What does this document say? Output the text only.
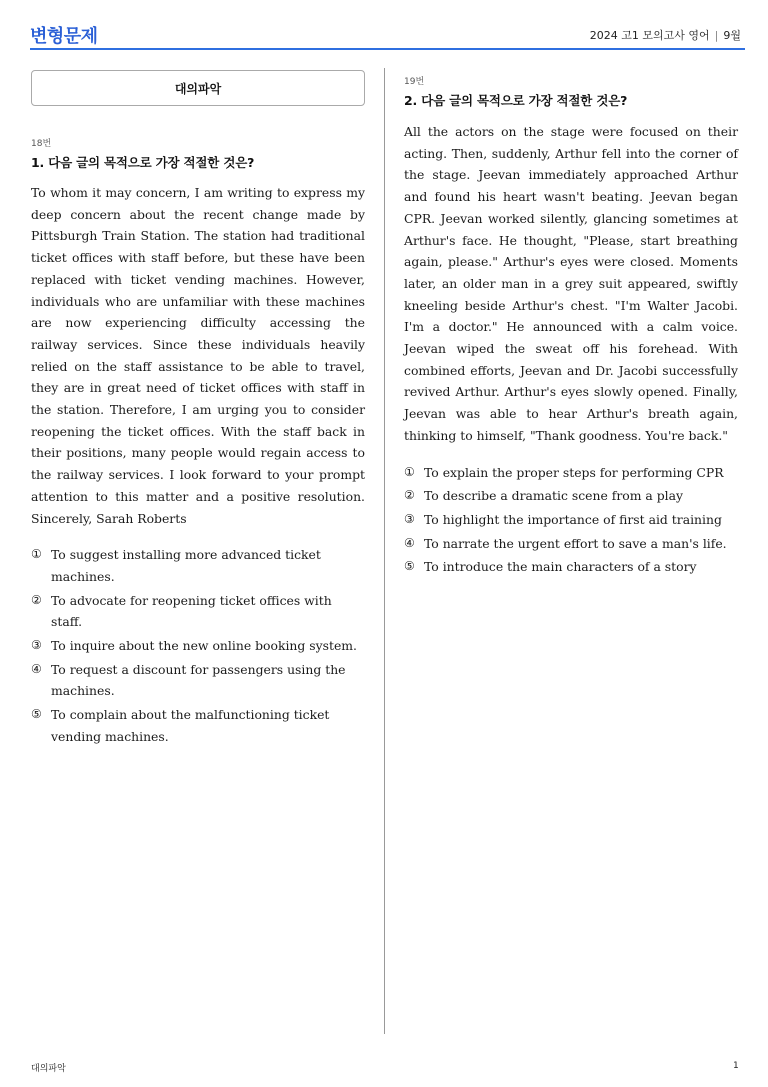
변형문제	2024 고1 모의고사 영어 | 9월
대의파악
18번
1. 다음 글의 목적으로 가장 적절한 것은?
To whom it may concern, I am writing to express my deep concern about the recent change made by Pittsburgh Train Station. The station had traditional ticket offices with staff before, but these have been replaced with ticket vending machines. However, individuals who are unfamiliar with these machines are now experiencing difficulty accessing the railway services. Since these individuals heavily relied on the staff assistance to be able to travel, they are in great need of ticket offices with staff in the station. Therefore, I am urging you to consider reopening the ticket offices. With the staff back in their positions, many people would regain access to the railway services. I look forward to your prompt attention to this matter and a positive resolution. Sincerely, Sarah Roberts
① To suggest installing more advanced ticket machines.
② To advocate for reopening ticket offices with staff.
③ To inquire about the new online booking system.
④ To request a discount for passengers using the machines.
⑤ To complain about the malfunctioning ticket vending machines.
19번
2. 다음 글의 목적으로 가장 적절한 것은?
All the actors on the stage were focused on their acting. Then, suddenly, Arthur fell into the corner of the stage. Jeevan immediately approached Arthur and found his heart wasn't beating. Jeevan began CPR. Jeevan worked silently, glancing sometimes at Arthur's face. He thought, "Please, start breathing again, please." Arthur's eyes were closed. Moments later, an older man in a grey suit appeared, swiftly kneeling beside Arthur's chest. "I'm Walter Jacobi. I'm a doctor." He announced with a calm voice. Jeevan wiped the sweat off his forehead. With combined efforts, Jeevan and Dr. Jacobi successfully revived Arthur. Arthur's eyes slowly opened. Finally, Jeevan was able to hear Arthur's breath again, thinking to himself, "Thank goodness. You're back."
① To explain the proper steps for performing CPR
② To describe a dramatic scene from a play
③ To highlight the importance of first aid training
④ To narrate the urgent effort to save a man's life.
⑤ To introduce the main characters of a story
대의파악	1
